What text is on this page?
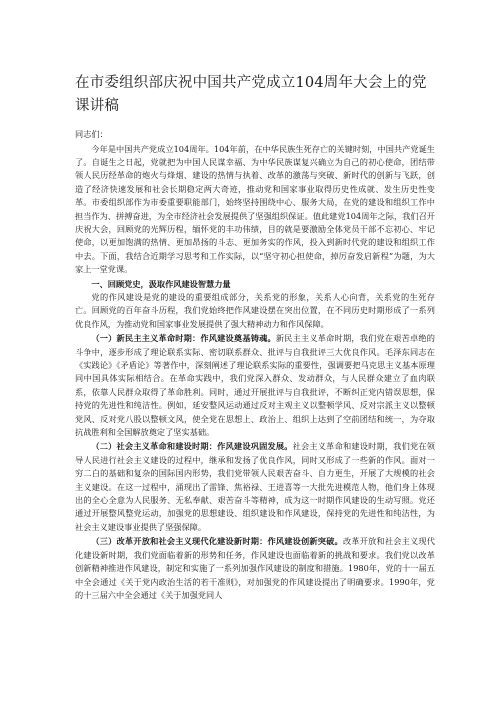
在市委组织部庆祝中国共产党成立104周年大会上的党课讲稿

同志们：

今年是中国共产党成立104周年。104年前，在中华民族生死存亡的关键时刻，中国共产党诞生了。自诞生之日起，党就把为中国人民谋幸福、为中华民族谋复兴确立为自己的初心使命，团结带领人民历经革命的炮火与烽烟、建设的热情与执着、改革的激荡与突破、新时代的创新与飞跃，创造了经济快速发展和社会长期稳定两大奇迹，推动党和国家事业取得历史性成就、发生历史性变革。市委组织部作为市委重要职能部门，始终坚持围绕中心、服务大局，在党的建设和组织工作中担当作为、拼搏奋进，为全市经济社会发展提供了坚强组织保证。值此建党104周年之际，我们召开庆祝大会，回顾党的光辉历程，缅怀党的丰功伟绩，目的就是要激励全体党员干部不忘初心、牢记使命，以更加饱满的热情、更加昂扬的斗志、更加务实的作风，投入到新时代党的建设和组织工作中去。下面，我结合近期学习思考和工作实际，以“坚守初心担使命，掉厉奋发启新程”为题，为大家上一堂党课。

一、回顾党史，汲取作风建设智慧力量

党的作风建设是党的建设的重要组成部分，关系党的形象，关系人心向背，关系党的生死存亡。回顾党的百年奋斗历程，我们党始终把作风建设摆在突出位置，在不同历史时期形成了一系列优良作风，为推动党和国家事业发展提供了强大精神动力和作风保障。

（一）新民主主义革命时期：作风建设奠基铸魂。新民主主义革命时期，我们党在艰苦卓绝的斗争中，逐步形成了理论联系实际、密切联系群众、批评与自我批评三大优良作风。毛泽东同志在《实践论》《矛盾论》等著作中，深刻阐述了理论联系实际的重要性，强调要把马克思主义基本原理同中国具体实际相结合。在革命实践中，我们党深入群众、发动群众，与人民群众建立了血肉联系，依靠人民群众取得了革命胜利。同时，通过开展批评与自我批评，不断纠正党内错误思想，保持党的先进性和纯洁性。例如，延安整风运动通过反对主观主义以整顿学风、反对宗派主义以整顿党风、反对党八股以整顿文风，使全党在思想上、政治上、组织上达到了空前团结和统一，为夺取抗战胜利和全国解放奠定了坚实基础。

（二）社会主义革命和建设时期：作风建设巩固发展。社会主义革命和建设时期，我们党在领导人民进行社会主义建设的过程中，继承和发扬了优良作风，同时又形成了一些新的作风。面对一穷二白的基础和复杂的国际国内形势，我们党带领人民艰苦奋斗、自力更生，开展了大规模的社会主义建设。在这一过程中，涌现出了雷锋、焦裕禄、王进喜等一大批先进模范人物，他们身上体现出的全心全意为人民服务、无私奉献、艰苦奋斗等精神，成为这一时期作风建设的生动写照。党还通过开展整风整党运动，加强党的思想建设、组织建设和作风建设，保持党的先进性和纯洁性，为社会主义建设事业提供了坚强保障。

（三）改革开放和社会主义现代化建设新时期：作风建设创新突破。改革开放和社会主义现代化建设新时期，我们党面临着新的形势和任务，作风建设也面临着新的挑战和要求。我们党以改革创新精神推进作风建设，制定和实施了一系列加强作风建设的制度和措施。1980年，党的十一届五中全会通过《关于党内政治生活的若干准则》，对加强党的作风建设提出了明确要求。1990年，党的十三届六中全会通过《关于加强党同人
